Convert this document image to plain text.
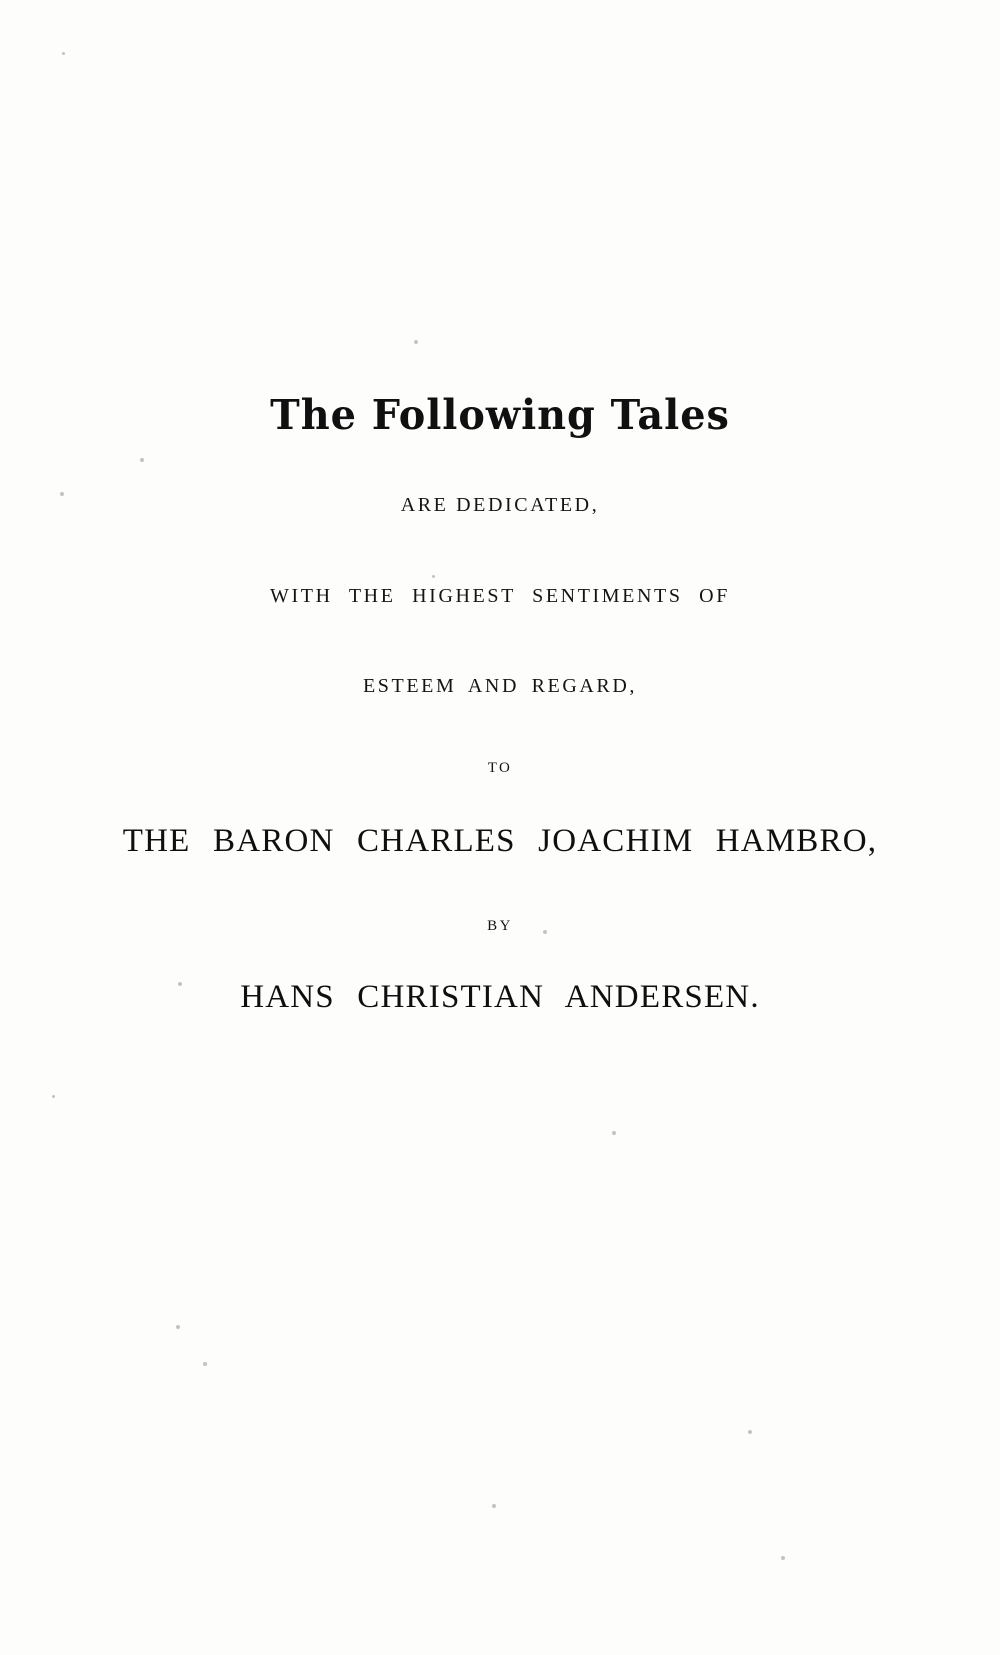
The Following Tales
ARE DEDICATED,
WITH THE HIGHEST SENTIMENTS OF
ESTEEM AND REGARD,
TO
THE BARON CHARLES JOACHIM HAMBRO,
BY
HANS CHRISTIAN ANDERSEN.
